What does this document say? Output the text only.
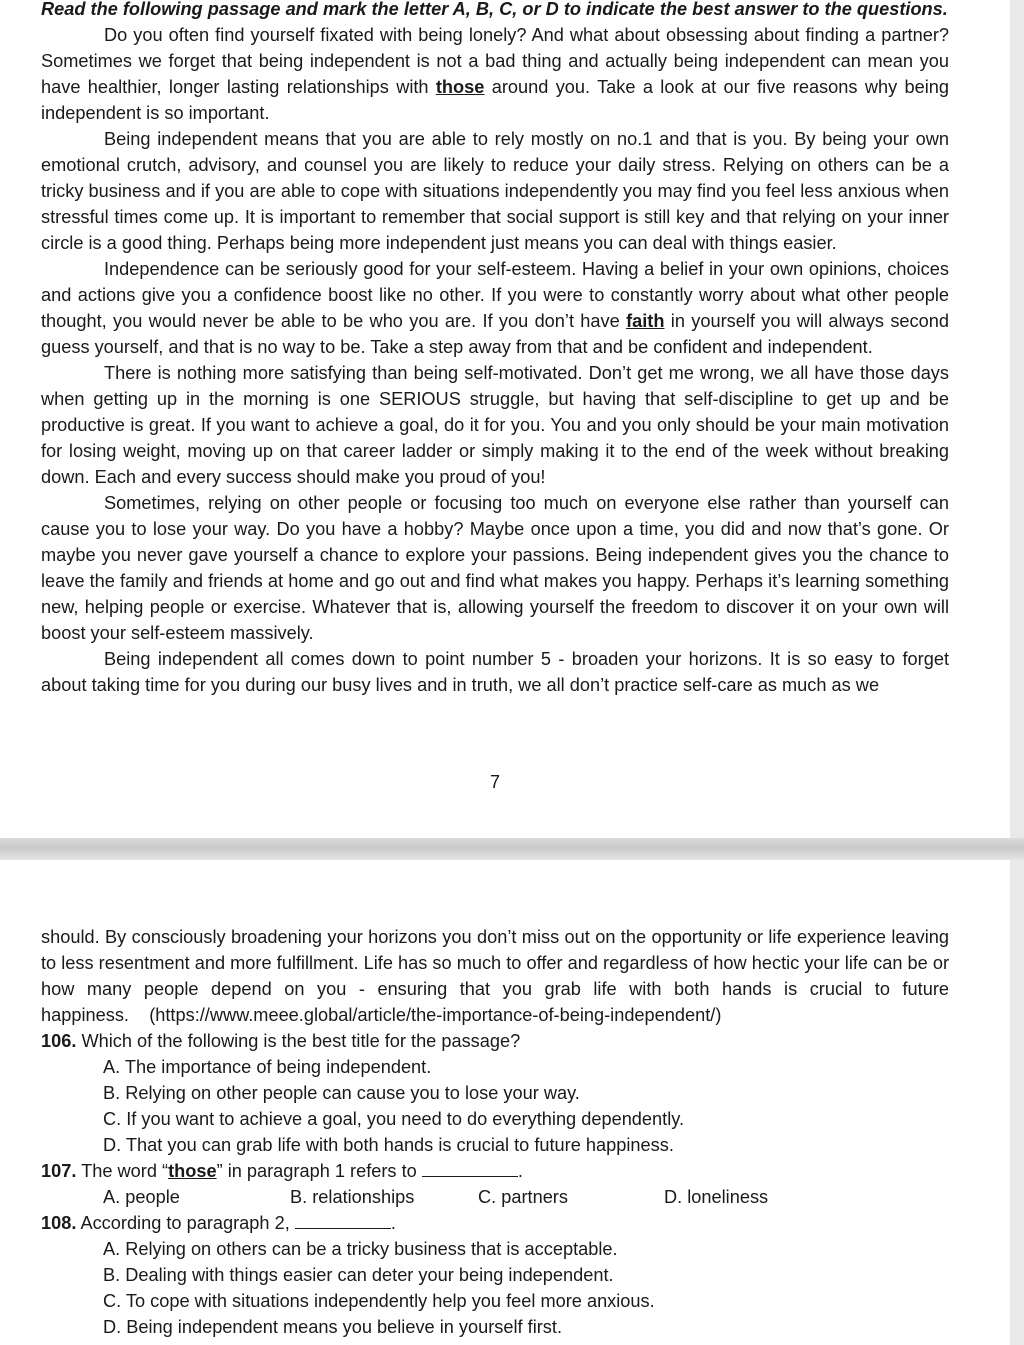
Read the following passage and mark the letter A, B, C, or D to indicate the best answer to the questions.

Do you often find yourself fixated with being lonely? And what about obsessing about finding a partner? Sometimes we forget that being independent is not a bad thing and actually being independent can mean you have healthier, longer lasting relationships with those around you. Take a look at our five reasons why being independent is so important.

Being independent means that you are able to rely mostly on no.1 and that is you. By being your own emotional crutch, advisory, and counsel you are likely to reduce your daily stress. Relying on others can be a tricky business and if you are able to cope with situations independently you may find you feel less anxious when stressful times come up. It is important to remember that social support is still key and that relying on your inner circle is a good thing. Perhaps being more independent just means you can deal with things easier.

Independence can be seriously good for your self-esteem. Having a belief in your own opinions, choices and actions give you a confidence boost like no other. If you were to constantly worry about what other people thought, you would never be able to be who you are. If you don’t have faith in yourself you will always second guess yourself, and that is no way to be. Take a step away from that and be confident and independent.

There is nothing more satisfying than being self-motivated. Don’t get me wrong, we all have those days when getting up in the morning is one SERIOUS struggle, but having that self-discipline to get up and be productive is great. If you want to achieve a goal, do it for you. You and you only should be your main motivation for losing weight, moving up on that career ladder or simply making it to the end of the week without breaking down. Each and every success should make you proud of you!

Sometimes, relying on other people or focusing too much on everyone else rather than yourself can cause you to lose your way. Do you have a hobby? Maybe once upon a time, you did and now that’s gone. Or maybe you never gave yourself a chance to explore your passions. Being independent gives you the chance to leave the family and friends at home and go out and find what makes you happy. Perhaps it’s learning something new, helping people or exercise. Whatever that is, allowing yourself the freedom to discover it on your own will boost your self-esteem massively.

Being independent all comes down to point number 5 - broaden your horizons. It is so easy to forget about taking time for you during our busy lives and in truth, we all don’t practice self-care as much as we

7

should. By consciously broadening your horizons you don’t miss out on the opportunity or life experience leaving to less resentment and more fulfillment. Life has so much to offer and regardless of how hectic your life can be or how many people depend on you - ensuring that you grab life with both hands is crucial to future happiness. (https://www.meee.global/article/the-importance-of-being-independent/)

106. Which of the following is the best title for the passage?

A. The importance of being independent.

B. Relying on other people can cause you to lose your way.

C. If you want to achieve a goal, you need to do everything dependently.

D. That you can grab life with both hands is crucial to future happiness.

107. The word “those” in paragraph 1 refers to	.

A. people	B. relationships	C. partners	D. loneliness

108. According to paragraph 2,	.

A. Relying on others can be a tricky business that is acceptable.

B. Dealing with things easier can deter your being independent.

C. To cope with situations independently help you feel more anxious.

D. Being independent means you believe in yourself first.
